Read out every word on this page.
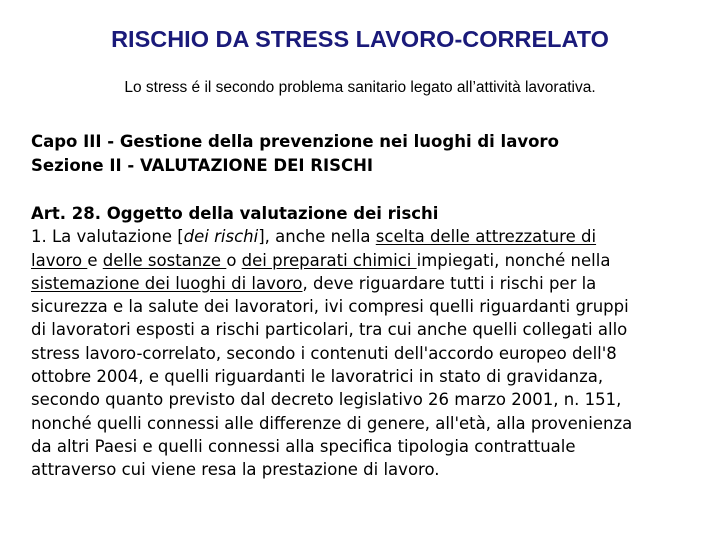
RISCHIO DA STRESS LAVORO-CORRELATO
Lo stress é il secondo problema sanitario legato all’attività lavorativa.
Capo III - Gestione della prevenzione nei luoghi di lavoro
Sezione II - VALUTAZIONE DEI RISCHI
Art. 28. Oggetto della valutazione dei rischi
1. La valutazione [dei rischi], anche nella scelta delle attrezzature di
lavoro e delle sostanze o dei preparati chimici impiegati, nonché nella
sistemazione dei luoghi di lavoro, deve riguardare tutti i rischi per la
sicurezza e la salute dei lavoratori, ivi compresi quelli riguardanti gruppi
di lavoratori esposti a rischi particolari, tra cui anche quelli collegati allo
stress lavoro-correlato, secondo i contenuti dell'accordo europeo dell'8
ottobre 2004, e quelli riguardanti le lavoratrici in stato di gravidanza,
secondo quanto previsto dal decreto legislativo 26 marzo 2001, n. 151,
nonché quelli connessi alle differenze di genere, all'età, alla provenienza
da altri Paesi e quelli connessi alla specifica tipologia contrattuale
attraverso cui viene resa la prestazione di lavoro.
